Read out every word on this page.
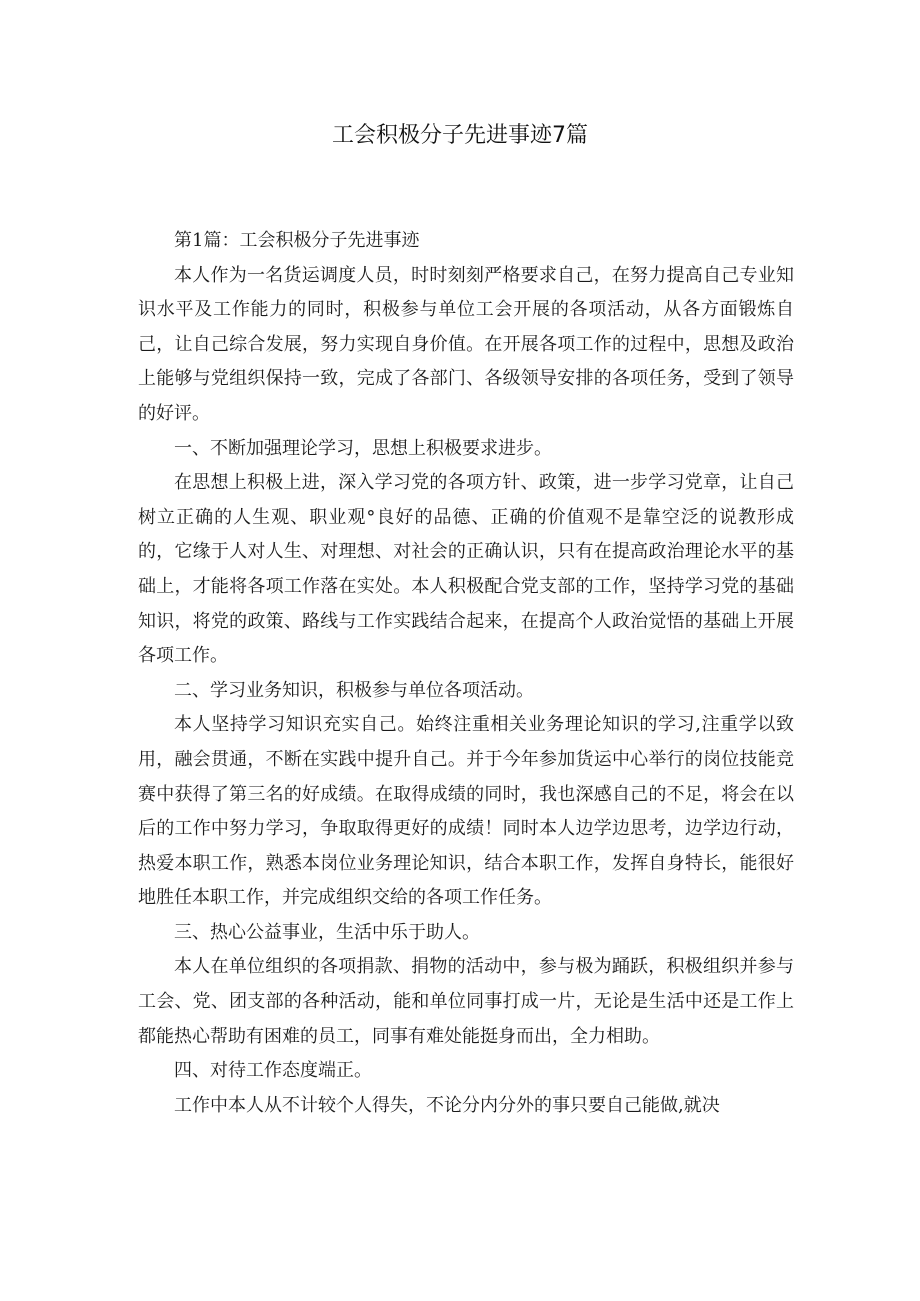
工会积极分子先进事迹7篇

第1篇：工会积极分子先进事迹

本人作为一名货运调度人员，时时刻刻严格要求自己，在努力提高自己专业知识水平及工作能力的同时，积极参与单位工会开展的各项活动，从各方面锻炼自己，让自己综合发展，努力实现自身价值。在开展各项工作的过程中，思想及政治上能够与党组织保持一致，完成了各部门、各级领导安排的各项任务，受到了领导的好评。

一、不断加强理论学习，思想上积极要求进步。

在思想上积极上进，深入学习党的各项方针、政策，进一步学习党章，让自己树立正确的人生观、职业观°良好的品德、正确的价值观不是靠空泛的说教形成的，它缘于人对人生、对理想、对社会的正确认识，只有在提高政治理论水平的基础上，才能将各项工作落在实处。本人积极配合党支部的工作，坚持学习党的基础知识，将党的政策、路线与工作实践结合起来，在提高个人政治觉悟的基础上开展各项工作。

二、学习业务知识，积极参与单位各项活动。

本人坚持学习知识充实自己。始终注重相关业务理论知识的学习,注重学以致用，融会贯通，不断在实践中提升自己。并于今年参加货运中心举行的岗位技能竞赛中获得了第三名的好成绩。在取得成绩的同时，我也深感自己的不足，将会在以后的工作中努力学习，争取取得更好的成绩！同时本人边学边思考，边学边行动，热爱本职工作，熟悉本岗位业务理论知识，结合本职工作，发挥自身特长，能很好地胜任本职工作，并完成组织交给的各项工作任务。

三、热心公益事业，生活中乐于助人。

本人在单位组织的各项捐款、捐物的活动中，参与极为踊跃，积极组织并参与工会、党、团支部的各种活动，能和单位同事打成一片，无论是生活中还是工作上都能热心帮助有困难的员工，同事有难处能挺身而出，全力相助。

四、对待工作态度端正。

工作中本人从不计较个人得失，不论分内分外的事只要自己能做,就决
